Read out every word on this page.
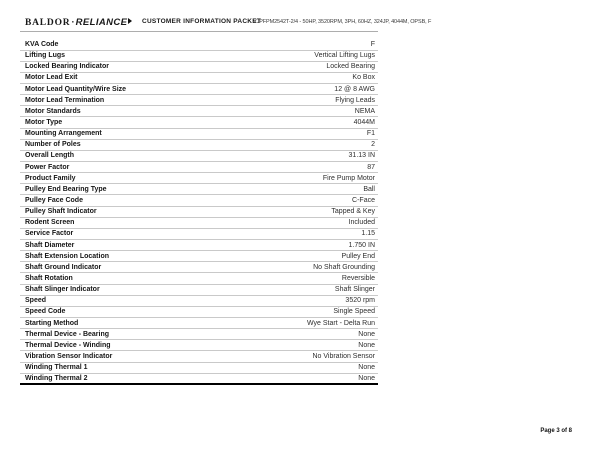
BALDOR·RELIANCE	CUSTOMER INFORMATION PACKET
VJPFPM2542T-2/4 - 50HP, 3520RPM, 3PH, 60HZ, 324JP, 4044M, OPSB, F
KVA Code	F
Lifting Lugs	Vertical Lifting Lugs
Locked Bearing Indicator	Locked Bearing
Motor Lead Exit	Ko Box
Motor Lead Quantity/Wire Size	12 @ 8 AWG
Motor Lead Termination	Flying Leads
Motor Standards	NEMA
Motor Type	4044M
Mounting Arrangement	F1
Number of Poles	2
Overall Length	31.13 IN
Power Factor	87
Product Family	Fire Pump Motor
Pulley End Bearing Type	Ball
Pulley Face Code	C-Face
Pulley Shaft Indicator	Tapped & Key
Rodent Screen	Included
Service Factor	1.15
Shaft Diameter	1.750 IN
Shaft Extension Location	Pulley End
Shaft Ground Indicator	No Shaft Grounding
Shaft Rotation	Reversible
Shaft Slinger Indicator	Shaft Slinger
Speed	3520 rpm
Speed Code	Single Speed
Starting Method	Wye Start - Delta Run
Thermal Device - Bearing	None
Thermal Device - Winding	None
Vibration Sensor Indicator	No Vibration Sensor
Winding Thermal 1	None
Winding Thermal 2	None
Page 3 of 8
